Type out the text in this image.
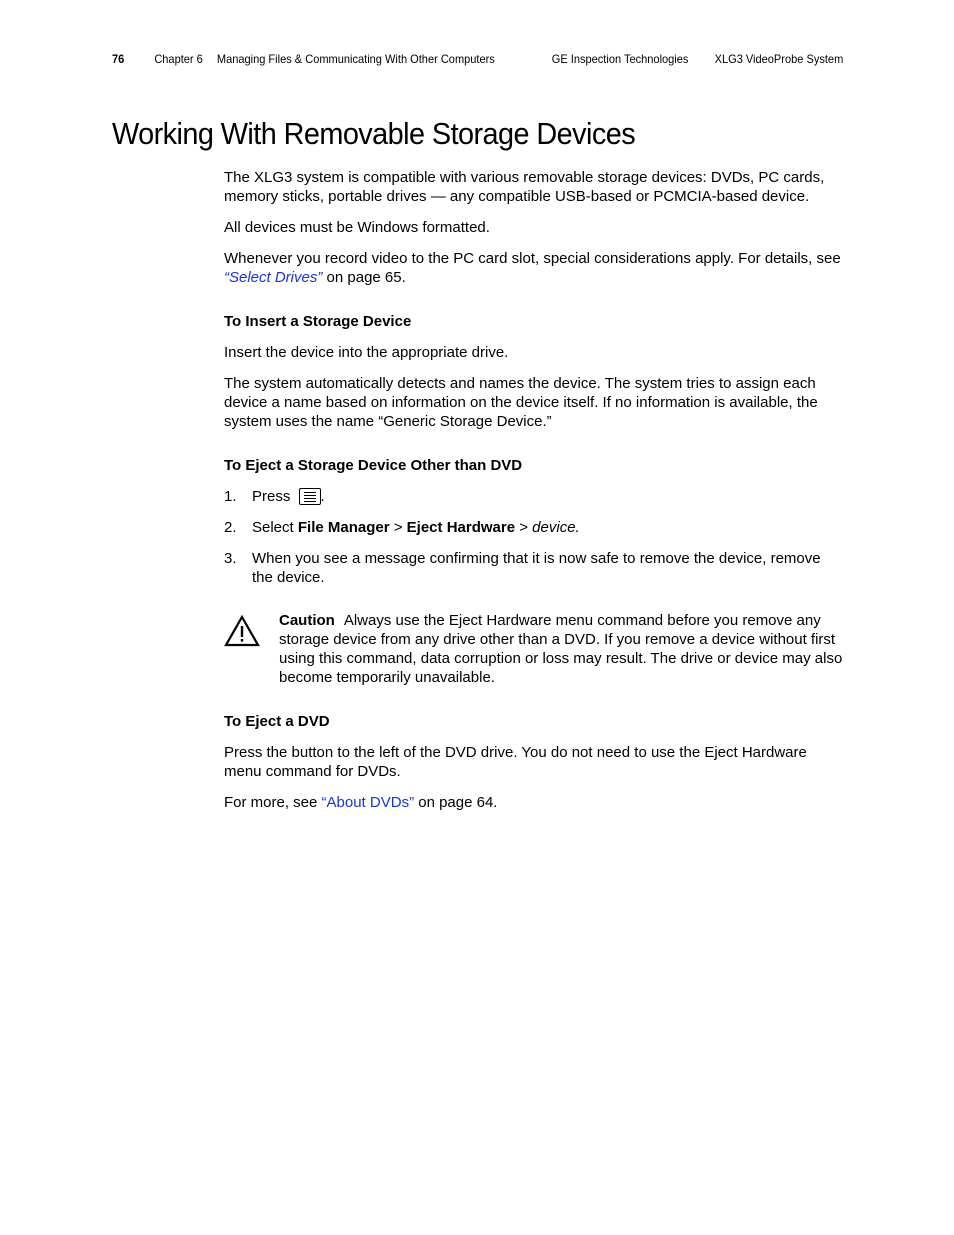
76	Chapter 6 Managing Files & Communicating With Other Computers	GE Inspection Technologies XLG3 VideoProbe System
Working With Removable Storage Devices

The XLG3 system is compatible with various removable storage devices: DVDs, PC cards, memory sticks, portable drives — any compatible USB-based or PCMCIA-based device.

All devices must be Windows formatted.

Whenever you record video to the PC card slot, special considerations apply. For details, see “Select Drives” on page 65.

To Insert a Storage Device

Insert the device into the appropriate drive.

The system automatically detects and names the device. The system tries to assign each device a name based on information on the device itself. If no information is available, the system uses the name “Generic Storage Device.”

To Eject a Storage Device Other than DVD
1. Press .
2. Select File Manager > Eject Hardware > device.
3. When you see a message confirming that it is now safe to remove the device, remove the device.
Caution Always use the Eject Hardware menu command before you remove any storage device from any drive other than a DVD. If you remove a device without first using this command, data corruption or loss may result. The drive or device may also become temporarily unavailable.
To Eject a DVD

Press the button to the left of the DVD drive. You do not need to use the Eject Hardware menu command for DVDs.

For more, see “About DVDs” on page 64.
